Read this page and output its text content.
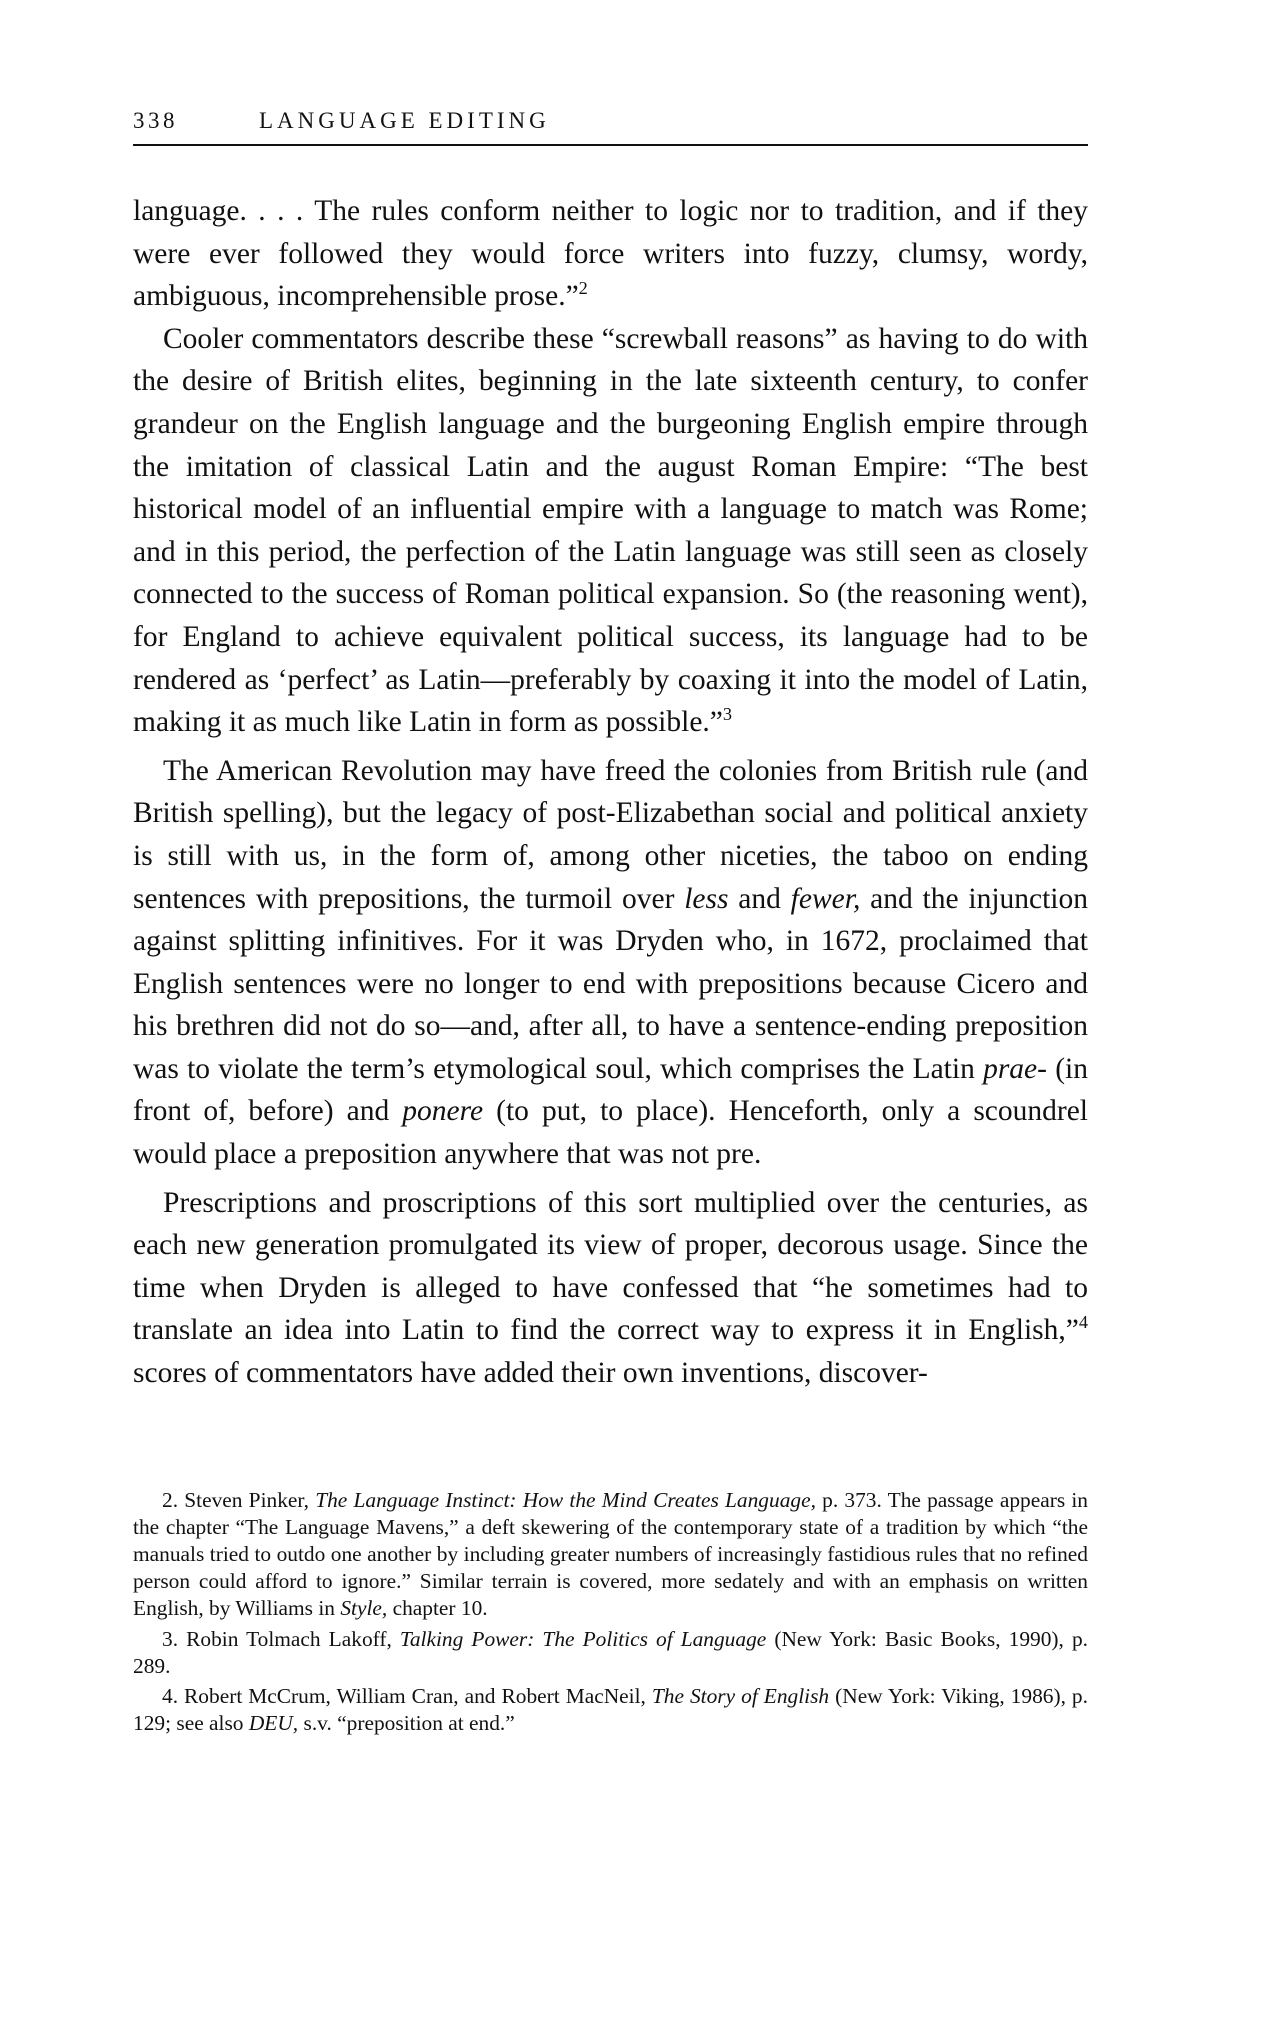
338	LANGUAGE EDITING

language. . . . The rules conform neither to logic nor to tradition, and if they were ever followed they would force writers into fuzzy, clumsy, wordy, ambiguous, incomprehensible prose.”$^2$

Cooler commentators describe these “screwball reasons” as having to do with the desire of British elites, beginning in the late sixteenth century, to confer grandeur on the English language and the burgeoning English empire through the imitation of classical Latin and the august Roman Empire: “The best historical model of an influential empire with a language to match was Rome; and in this period, the perfection of the Latin language was still seen as closely connected to the success of Roman political expansion. So (the reasoning went), for England to achieve equivalent political success, its language had to be rendered as ‘perfect’ as Latin—preferably by coaxing it into the model of Latin, making it as much like Latin in form as possible.”$^3$

The American Revolution may have freed the colonies from British rule (and British spelling), but the legacy of post-Elizabethan social and political anxiety is still with us, in the form of, among other niceties, the taboo on ending sentences with prepositions, the turmoil over less and fewer, and the injunction against splitting infinitives. For it was Dryden who, in 1672, proclaimed that English sentences were no longer to end with prepositions because Cicero and his brethren did not do so—and, after all, to have a sentence-ending preposition was to violate the term’s etymological soul, which comprises the Latin prae- (in front of, before) and ponere (to put, to place). Henceforth, only a scoundrel would place a preposition anywhere that was not pre.

Prescriptions and proscriptions of this sort multiplied over the centuries, as each new generation promulgated its view of proper, decorous usage. Since the time when Dryden is alleged to have confessed that “he sometimes had to translate an idea into Latin to find the correct way to express it in English,”$^4$ scores of commentators have added their own inventions, discover-

2. Steven Pinker, The Language Instinct: How the Mind Creates Language, p. 373. The passage appears in the chapter “The Language Mavens,” a deft skewering of the contemporary state of a tradition by which “the manuals tried to outdo one another by including greater numbers of increasingly fastidious rules that no refined person could afford to ignore.” Similar terrain is covered, more sedately and with an emphasis on written English, by Williams in Style, chapter 10.

3. Robin Tolmach Lakoff, Talking Power: The Politics of Language (New York: Basic Books, 1990), p. 289.

4. Robert McCrum, William Cran, and Robert MacNeil, The Story of English (New York: Viking, 1986), p. 129; see also DEU, s.v. “preposition at end.”
